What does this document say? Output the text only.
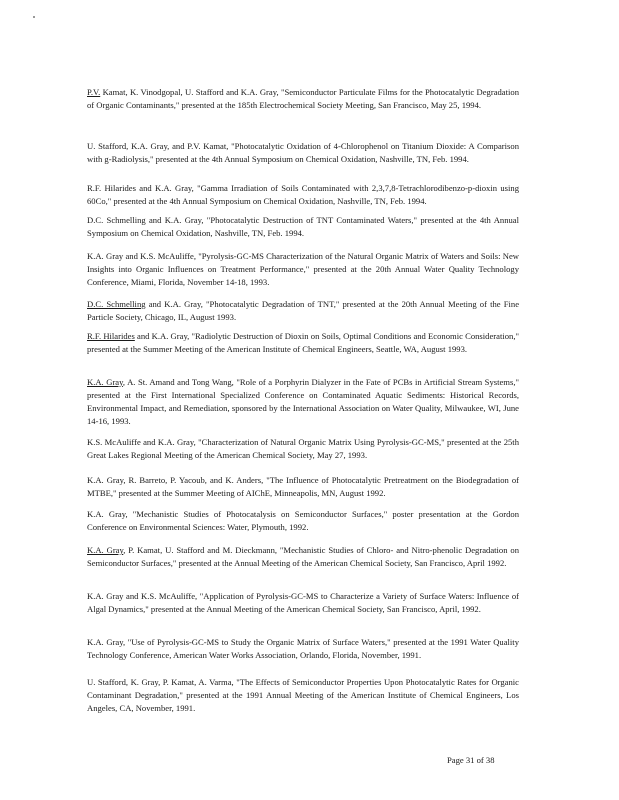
P.V. Kamat, K. Vinodgopal, U. Stafford and K.A. Gray, "Semiconductor Particulate Films for the Photocatalytic Degradation of Organic Contaminants," presented at the 185th Electrochemical Society Meeting, San Francisco, May 25, 1994.

U. Stafford, K.A. Gray, and P.V. Kamat, "Photocatalytic Oxidation of 4-Chlorophenol on Titanium Dioxide: A Comparison with g-Radiolysis," presented at the 4th Annual Symposium on Chemical Oxidation, Nashville, TN, Feb. 1994.

R.F. Hilarides and K.A. Gray, "Gamma Irradiation of Soils Contaminated with 2,3,7,8-Tetrachlorodibenzo-p-dioxin using 60Co," presented at the 4th Annual Symposium on Chemical Oxidation, Nashville, TN, Feb. 1994.

D.C. Schmelling and K.A. Gray, "Photocatalytic Destruction of TNT Contaminated Waters," presented at the 4th Annual Symposium on Chemical Oxidation, Nashville, TN, Feb. 1994.

K.A. Gray and K.S. McAuliffe, "Pyrolysis-GC-MS Characterization of the Natural Organic Matrix of Waters and Soils: New Insights into Organic Influences on Treatment Performance," presented at the 20th Annual Water Quality Technology Conference, Miami, Florida, November 14-18, 1993.

D.C. Schmelling and K.A. Gray, "Photocatalytic Degradation of TNT," presented at the 20th Annual Meeting of the Fine Particle Society, Chicago, IL, August 1993.

R.F. Hilarides and K.A. Gray, "Radiolytic Destruction of Dioxin on Soils, Optimal Conditions and Economic Consideration," presented at the Summer Meeting of the American Institute of Chemical Engineers, Seattle, WA, August 1993.

K.A. Gray, A. St. Amand and Tong Wang, "Role of a Porphyrin Dialyzer in the Fate of PCBs in Artificial Stream Systems," presented at the First International Specialized Conference on Contaminated Aquatic Sediments: Historical Records, Environmental Impact, and Remediation, sponsored by the International Association on Water Quality, Milwaukee, WI, June 14-16, 1993.

K.S. McAuliffe and K.A. Gray, "Characterization of Natural Organic Matrix Using Pyrolysis-GC-MS," presented at the 25th Great Lakes Regional Meeting of the American Chemical Society, May 27, 1993.

K.A. Gray, R. Barreto, P. Yacoub, and K. Anders, "The Influence of Photocatalytic Pretreatment on the Biodegradation of MTBE," presented at the Summer Meeting of AIChE, Minneapolis, MN, August 1992.

K.A. Gray, "Mechanistic Studies of Photocatalysis on Semiconductor Surfaces," poster presentation at the Gordon Conference on Environmental Sciences: Water, Plymouth, 1992.

K.A. Gray, P. Kamat, U. Stafford and M. Dieckmann, "Mechanistic Studies of Chloro- and Nitro-phenolic Degradation on Semiconductor Surfaces," presented at the Annual Meeting of the American Chemical Society, San Francisco, April 1992.

K.A. Gray and K.S. McAuliffe, "Application of Pyrolysis-GC-MS to Characterize a Variety of Surface Waters: Influence of Algal Dynamics," presented at the Annual Meeting of the American Chemical Society, San Francisco, April, 1992.

K.A. Gray, "Use of Pyrolysis-GC-MS to Study the Organic Matrix of Surface Waters," presented at the 1991 Water Quality Technology Conference, American Water Works Association, Orlando, Florida, November, 1991.

U. Stafford, K. Gray, P. Kamat, A. Varma, "The Effects of Semiconductor Properties Upon Photocatalytic Rates for Organic Contaminant Degradation," presented at the 1991 Annual Meeting of the American Institute of Chemical Engineers, Los Angeles, CA, November, 1991.

Page 31 of 38
